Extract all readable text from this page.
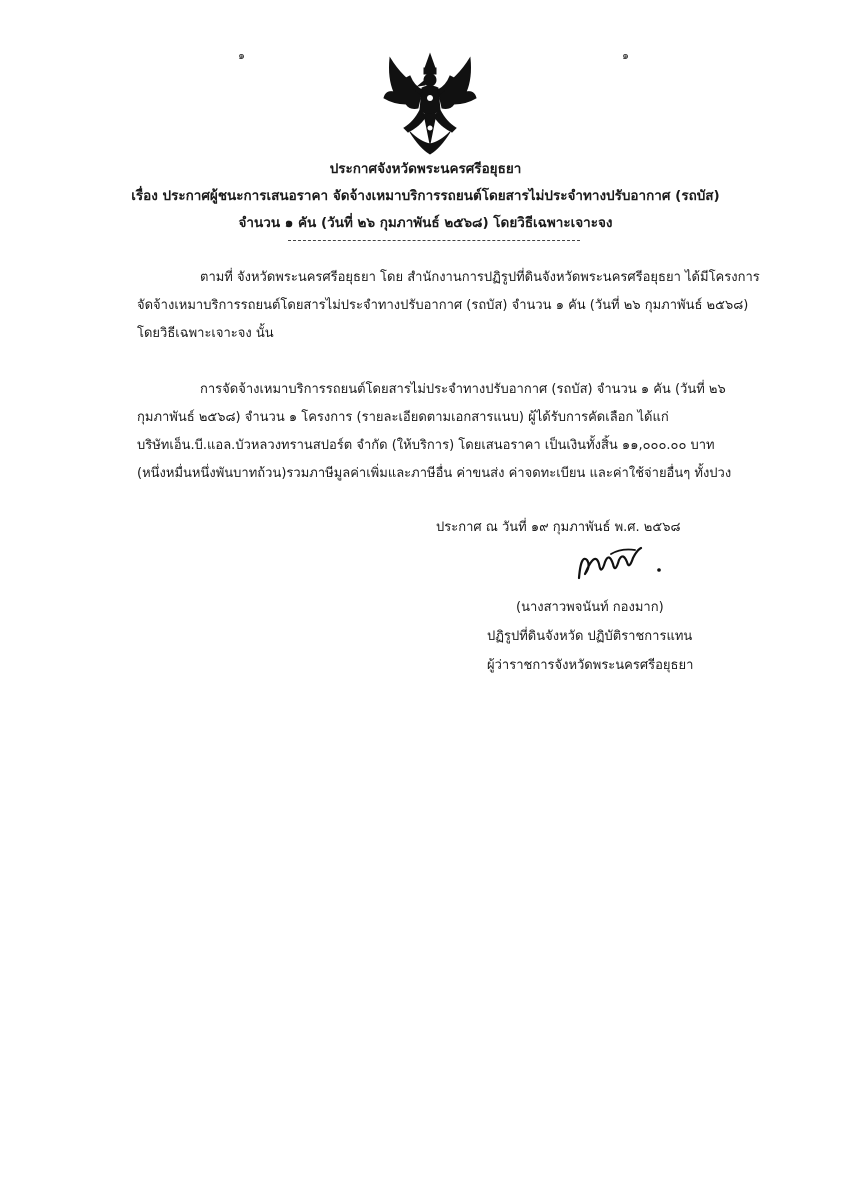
๑	๑
ประกาศจังหวัดพระนครศรีอยุธยา
เรื่อง ประกาศผู้ชนะการเสนอราคา จัดจ้างเหมาบริการรถยนต์โดยสารไม่ประจำทางปรับอากาศ (รถบัส)
จำนวน ๑ คัน (วันที่ ๒๖ กุมภาพันธ์ ๒๕๖๘) โดยวิธีเฉพาะเจาะจง
ตามที่ จังหวัดพระนครศรีอยุธยา โดย สำนักงานการปฏิรูปที่ดินจังหวัดพระนครศรีอยุธยา ได้มีโครงการ
จัดจ้างเหมาบริการรถยนต์โดยสารไม่ประจำทางปรับอากาศ (รถบัส) จำนวน ๑ คัน (วันที่ ๒๖ กุมภาพันธ์ ๒๕๖๘)
โดยวิธีเฉพาะเจาะจง นั้น
การจัดจ้างเหมาบริการรถยนต์โดยสารไม่ประจำทางปรับอากาศ (รถบัส) จำนวน ๑ คัน (วันที่ ๒๖
กุมภาพันธ์ ๒๕๖๘) จำนวน ๑ โครงการ (รายละเอียดตามเอกสารแนบ) ผู้ได้รับการคัดเลือก ได้แก่
บริษัทเอ็น.บี.แอล.บัวหลวงทรานสปอร์ต จำกัด (ให้บริการ) โดยเสนอราคา เป็นเงินทั้งสิ้น ๑๑,๐๐๐.๐๐ บาท
(หนึ่งหมื่นหนึ่งพันบาทถ้วน)รวมภาษีมูลค่าเพิ่มและภาษีอื่น ค่าขนส่ง ค่าจดทะเบียน และค่าใช้จ่ายอื่นๆ ทั้งปวง
ประกาศ ณ วันที่ ๑๙ กุมภาพันธ์ พ.ศ. ๒๕๖๘
(นางสาวพจนันท์ กองมาก)
ปฏิรูปที่ดินจังหวัด ปฏิบัติราชการแทน
ผู้ว่าราชการจังหวัดพระนครศรีอยุธยา
